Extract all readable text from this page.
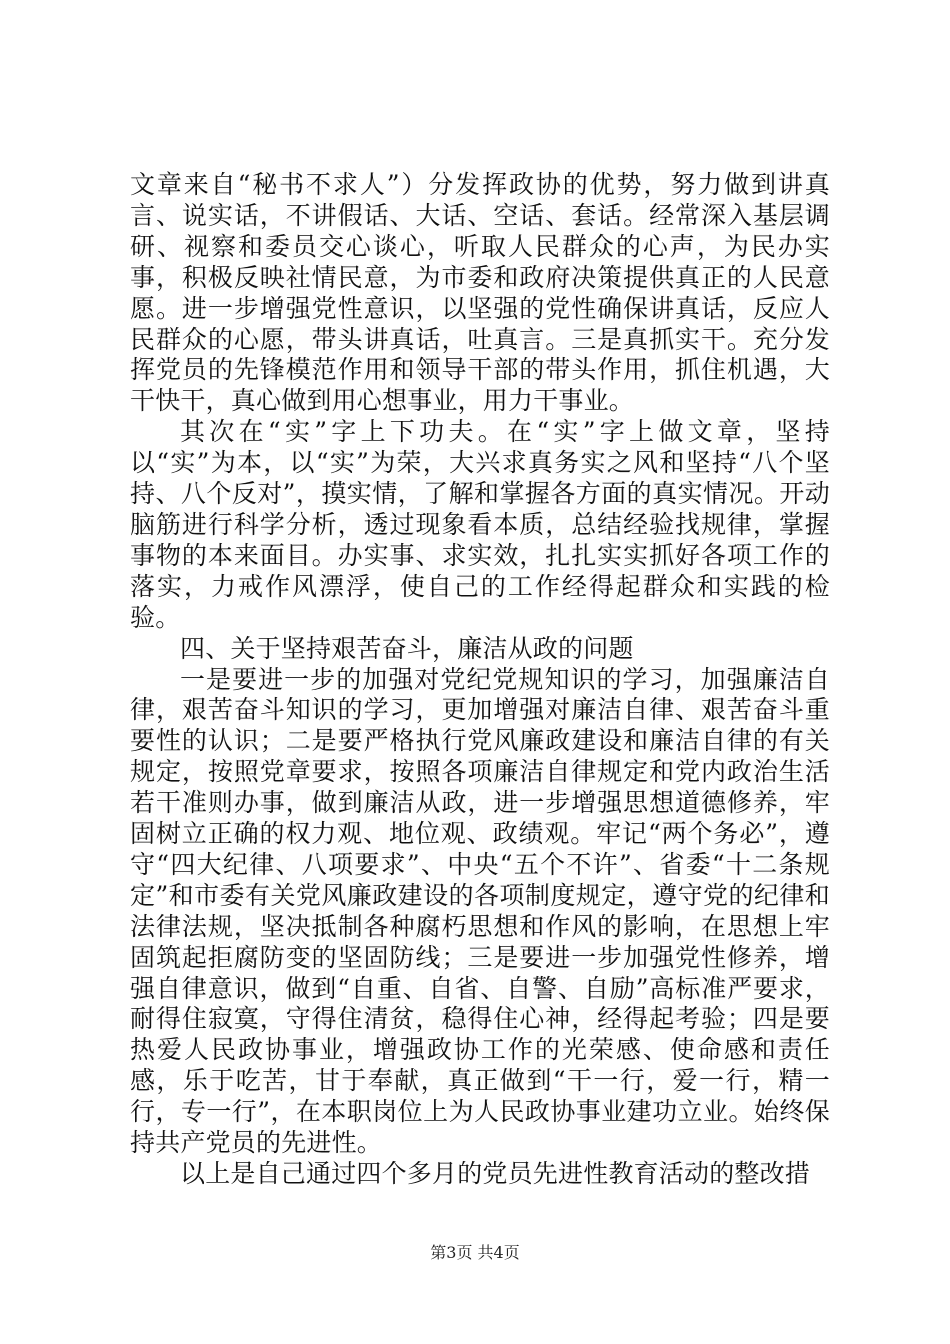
文章来自“秘书不求人”）分发挥政协的优势，努力做到讲真言、说实话，不讲假话、大话、空话、套话。经常深入基层调研、视察和委员交心谈心，听取人民群众的心声，为民办实事，积极反映社情民意，为市委和政府决策提供真正的人民意愿。进一步增强党性意识，以坚强的党性确保讲真话，反应人民群众的心愿，带头讲真话，吐真言。三是真抓实干。充分发挥党员的先锋模范作用和领导干部的带头作用，抓住机遇，大干快干，真心做到用心想事业，用力干事业。

其次在“实”字上下功夫。在“实”字上做文章，坚持以“实”为本，以“实”为荣，大兴求真务实之风和坚持“八个坚持、八个反对”，摸实情，了解和掌握各方面的真实情况。开动脑筋进行科学分析，透过现象看本质，总结经验找规律，掌握事物的本来面目。办实事、求实效，扎扎实实抓好各项工作的落实，力戒作风漂浮，使自己的工作经得起群众和实践的检验。

四、关于坚持艰苦奋斗，廉洁从政的问题

一是要进一步的加强对党纪党规知识的学习，加强廉洁自律，艰苦奋斗知识的学习，更加增强对廉洁自律、艰苦奋斗重要性的认识；二是要严格执行党风廉政建设和廉洁自律的有关规定，按照党章要求，按照各项廉洁自律规定和党内政治生活若干准则办事，做到廉洁从政，进一步增强思想道德修养，牢固树立正确的权力观、地位观、政绩观。牢记“两个务必”，遵守“四大纪律、八项要求”、中央“五个不许”、省委“十二条规定”和市委有关党风廉政建设的各项制度规定，遵守党的纪律和法律法规，坚决抵制各种腐朽思想和作风的影响，在思想上牢固筑起拒腐防变的坚固防线；三是要进一步加强党性修养，增强自律意识，做到“自重、自省、自警、自励”高标准严要求，耐得住寂寞，守得住清贫，稳得住心神，经得起考验；四是要热爱人民政协事业，增强政协工作的光荣感、使命感和责任感，乐于吃苦，甘于奉献，真正做到“干一行，爱一行，精一行，专一行”，在本职岗位上为人民政协事业建功立业。始终保持共产党员的先进性。

以上是自己通过四个多月的党员先进性教育活动的整改措

第3页 共4页
